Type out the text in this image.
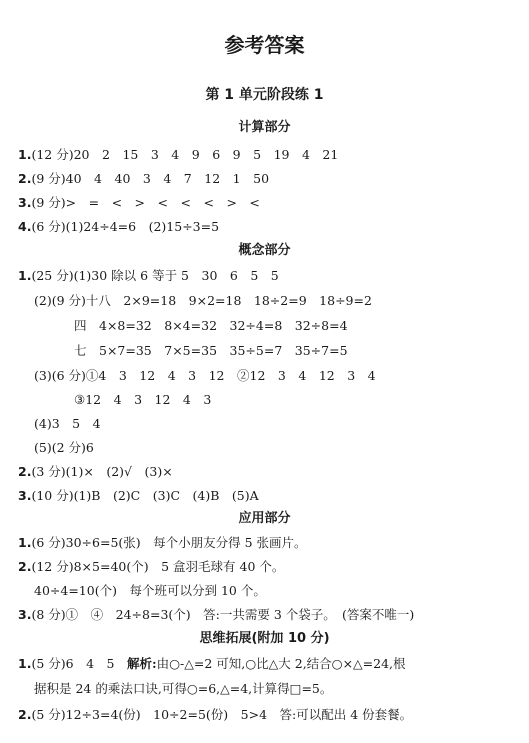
参考答案
第 1 单元阶段练 1
计算部分
1.(12 分)20　2　15　3　4　9　6　9　5　19　4　21
2.(9 分)40　4　40　3　4　7　12　1　50
3.(9 分)>　=　<　>　<　<　<　>　<
4.(6 分)(1)24÷4=6　(2)15÷3=5
概念部分
1.(25 分)(1)30 除以 6 等于 5　30　6　5　5
(2)(9 分)十八　2×9=18　9×2=18　18÷2=9　18÷9=2
四　4×8=32　8×4=32　32÷4=8　32÷8=4
七　5×7=35　7×5=35　35÷5=7　35÷7=5
(3)(6 分)①4　3　12　4　3　12　②12　3　4　12　3　4
③12　4　3　12　4　3
(4)3　5　4
(5)(2 分)6
2.(3 分)(1)×　(2)√　(3)×
3.(10 分)(1)B　(2)C　(3)C　(4)B　(5)A
应用部分
1.(6 分)30÷6=5(张)　每个小朋友分得 5 张画片。
2.(12 分)8×5=40(个)　5 盒羽毛球有 40 个。
40÷4=10(个)　每个班可以分到 10 个。
3.(8 分)①　④　24÷8=3(个)　答:一共需要 3 个袋子。　(答案不唯一)
思维拓展(附加 10 分)
1.(5 分)6　4　5　解析:由○-△=2 可知,○比△大 2,结合○×△=24,根
据积是 24 的乘法口诀,可得○=6,△=4,计算得□=5。
2.(5 分)12÷3=4(份)　10÷2=5(份)　5>4　答:可以配出 4 份套餐。
